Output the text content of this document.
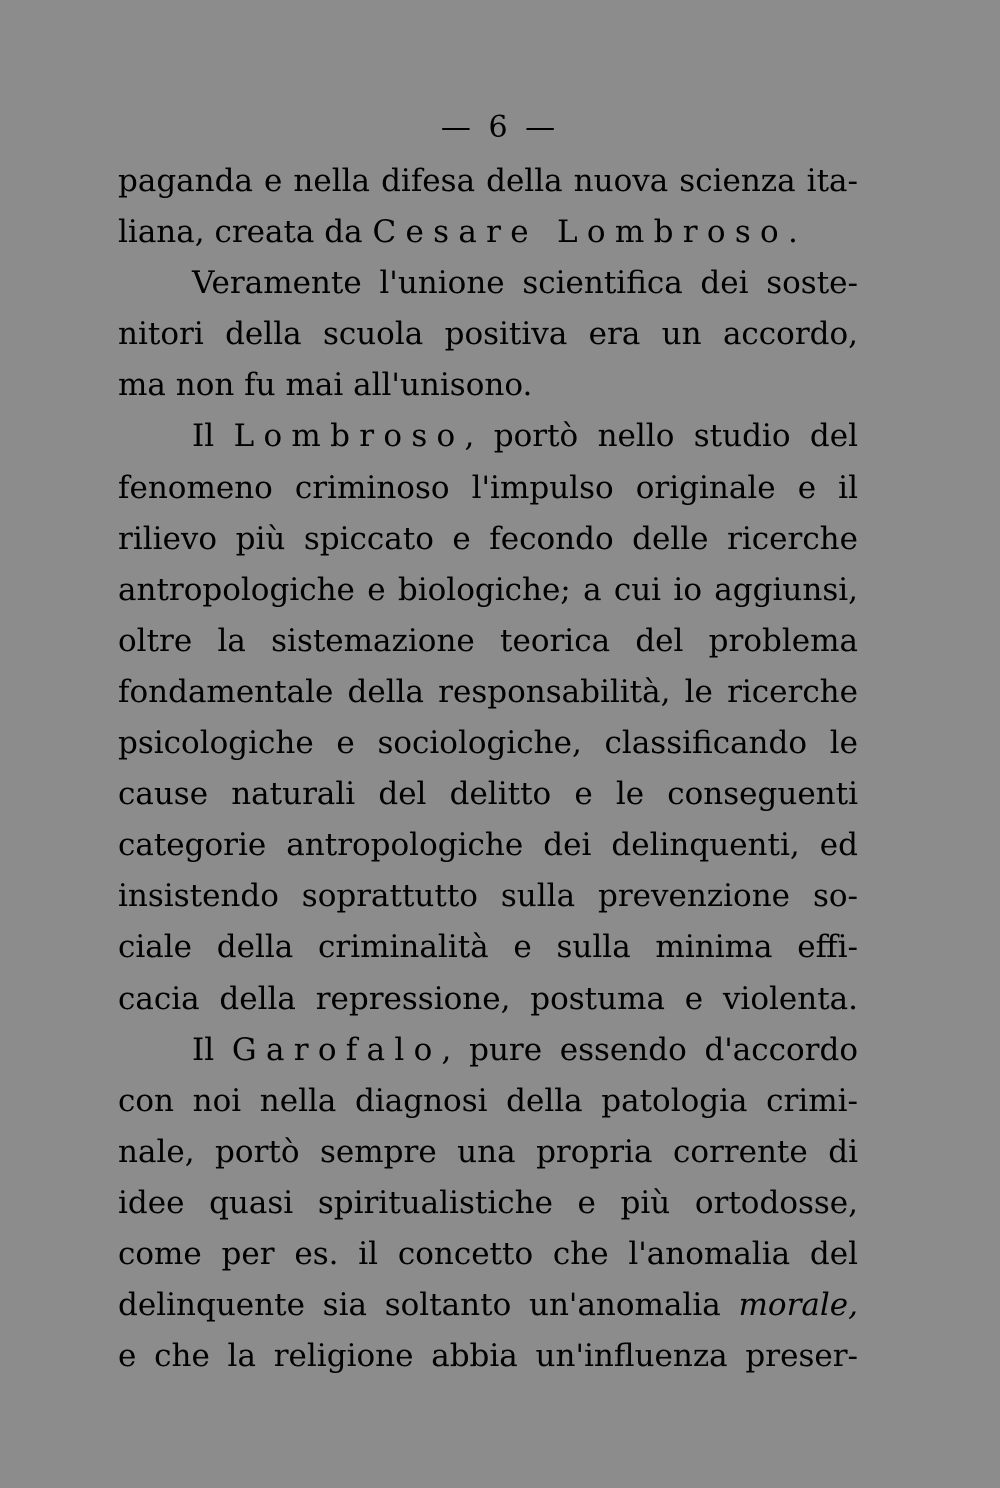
— 6 —
paganda e nella difesa della nuova scienza ita-
liana, creata da Cesare Lombroso.
Veramente l'unione scientifica dei soste-
nitori della scuola positiva era un accordo,
ma non fu mai all'unisono.
Il Lombroso, portò nello studio del
fenomeno criminoso l'impulso originale e il
rilievo più spiccato e fecondo delle ricerche
antropologiche e biologiche; a cui io aggiunsi,
oltre la sistemazione teorica del problema
fondamentale della responsabilità, le ricerche
psicologiche e sociologiche, classificando le
cause naturali del delitto e le conseguenti
categorie antropologiche dei delinquenti, ed
insistendo soprattutto sulla prevenzione so-
ciale della criminalità e sulla minima effi-
cacia della repressione, postuma e violenta.
Il Garofalo, pure essendo d'accordo
con noi nella diagnosi della patologia crimi-
nale, portò sempre una propria corrente di
idee quasi spiritualistiche e più ortodosse,
come per es. il concetto che l'anomalia del
delinquente sia soltanto un'anomalia morale,
e che la religione abbia un'influenza preser-
